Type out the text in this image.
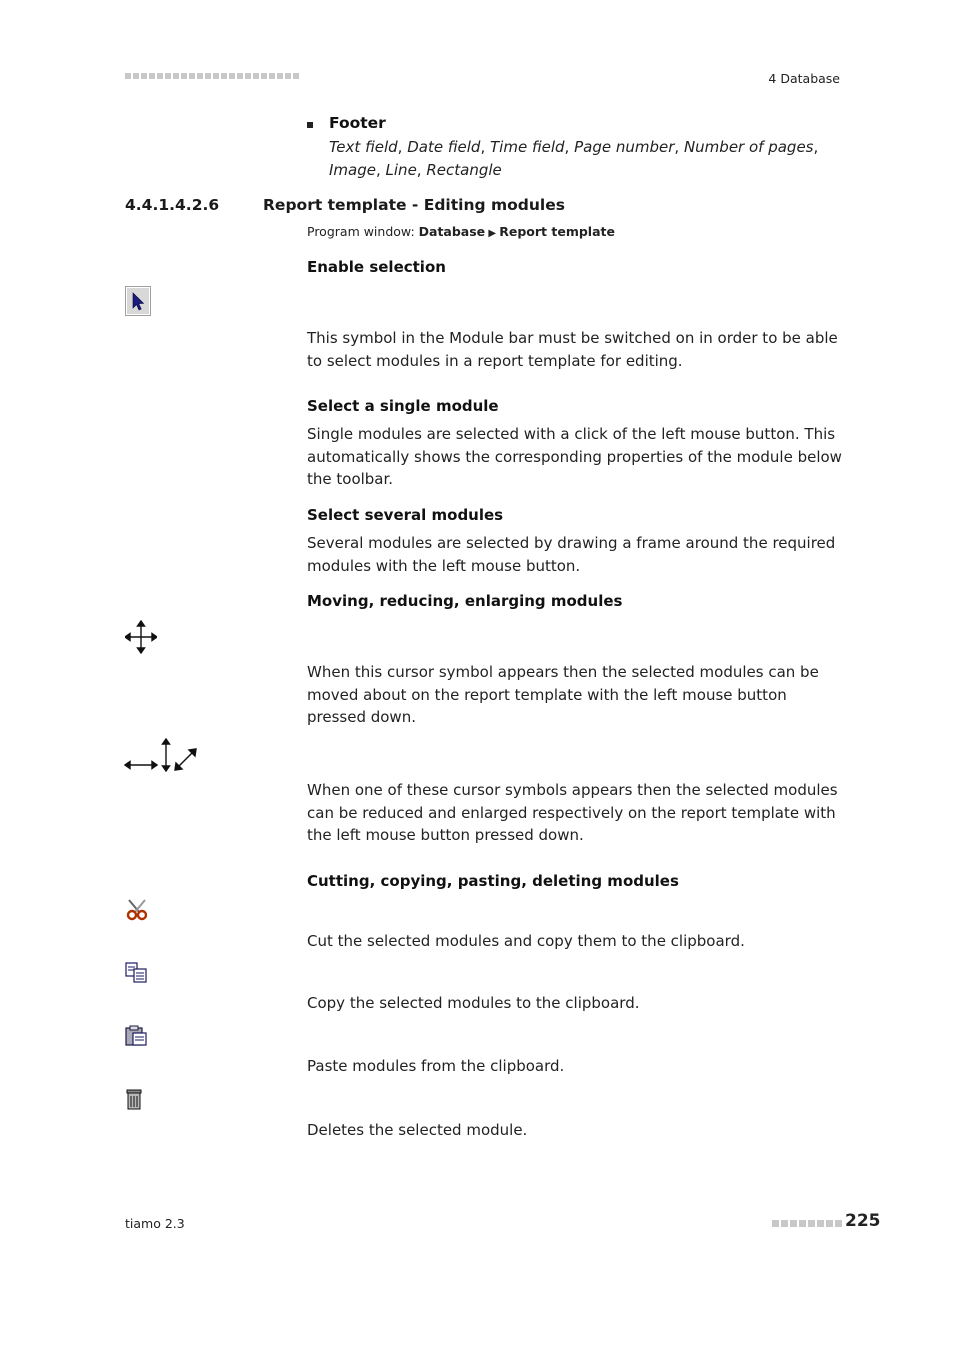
4 Database
Footer
Text field, Date field, Time field, Page number, Number of pages,
Image, Line, Rectangle
4.4.1.4.2.6	Report template - Editing modules
Program window: Database ▶ Report template
Enable selection
This symbol in the Module bar must be switched on in order to be able to select modules in a report template for editing.
Select a single module
Single modules are selected with a click of the left mouse button. This automatically shows the corresponding properties of the module below the toolbar.
Select several modules
Several modules are selected by drawing a frame around the required modules with the left mouse button.
Moving, reducing, enlarging modules
When this cursor symbol appears then the selected modules can be moved about on the report template with the left mouse button pressed down.
When one of these cursor symbols appears then the selected modules can be reduced and enlarged respectively on the report template with the left mouse button pressed down.
Cutting, copying, pasting, deleting modules
Cut the selected modules and copy them to the clipboard.
Copy the selected modules to the clipboard.
Paste modules from the clipboard.
Deletes the selected module.
tiamo 2.3	225
